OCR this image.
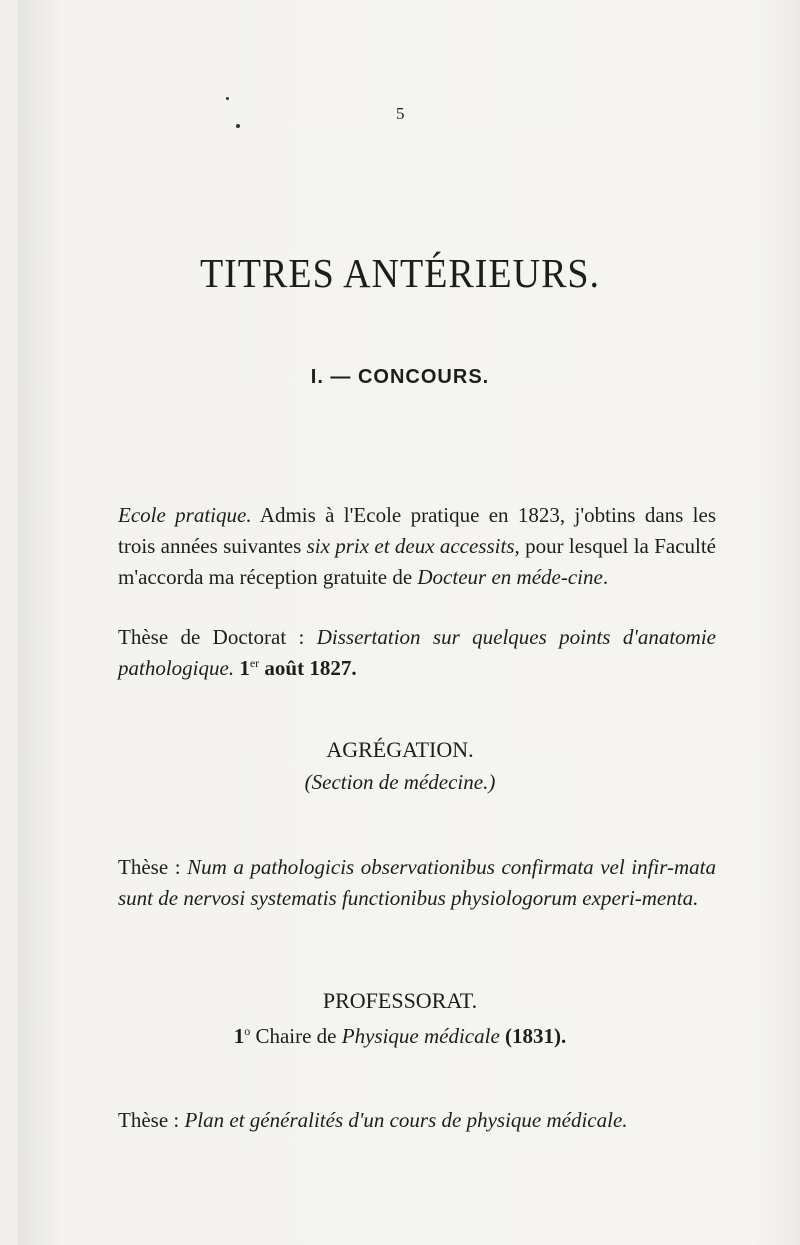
5
TITRES ANTÉRIEURS.
I. — CONCOURS.
Ecole pratique. Admis à l'Ecole pratique en 1823, j'obtins dans les trois années suivantes six prix et deux accessits, pour lesquel la Faculté m'accorda ma réception gratuite de Docteur en méde-cine.
Thèse de Doctorat : Dissertation sur quelques points d'anatomie pathologique. 1er août 1827.
AGRÉGATION.
(Section de médecine.)
Thèse : Num a pathologicis observationibus confirmata vel infir-mata sunt de nervosi systematis functionibus physiologorum experi-menta.
PROFESSORAT.
1$^o$ Chaire de Physique médicale (1831).
Thèse : Plan et généralités d'un cours de physique médicale.
